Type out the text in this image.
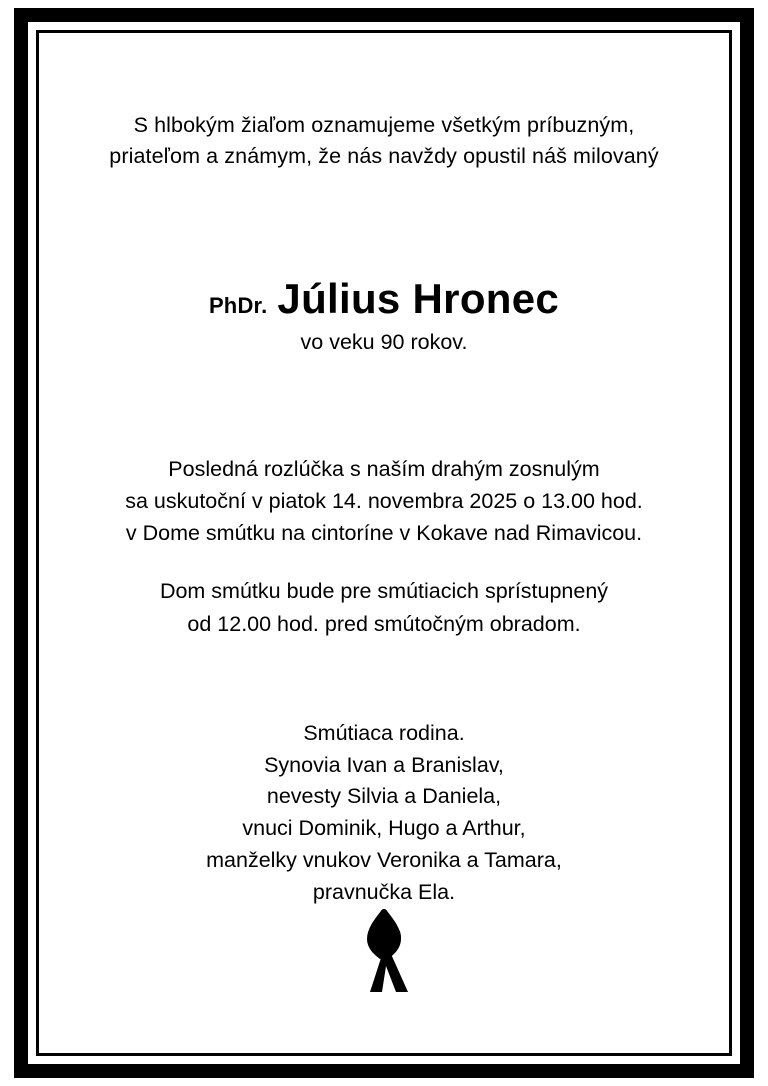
S hlbokým žiaľom oznamujeme všetkým príbuzným,
priateľom a známym, že nás navždy opustil náš milovaný
PhDr. Július Hronec
vo veku 90 rokov.
Posledná rozlúčka s naším drahým zosnulým
sa uskutoční v piatok 14. novembra 2025 o 13.00 hod.
v Dome smútku na cintoríne v Kokave nad Rimavicou.
Dom smútku bude pre smútiacich sprístupnený
od 12.00 hod. pred smútočným obradom.
Smútiaca rodina.
Synovia Ivan a Branislav,
nevesty Silvia a Daniela,
vnuci Dominik, Hugo a Arthur,
manželky vnukov Veronika a Tamara,
pravnučka Ela.
